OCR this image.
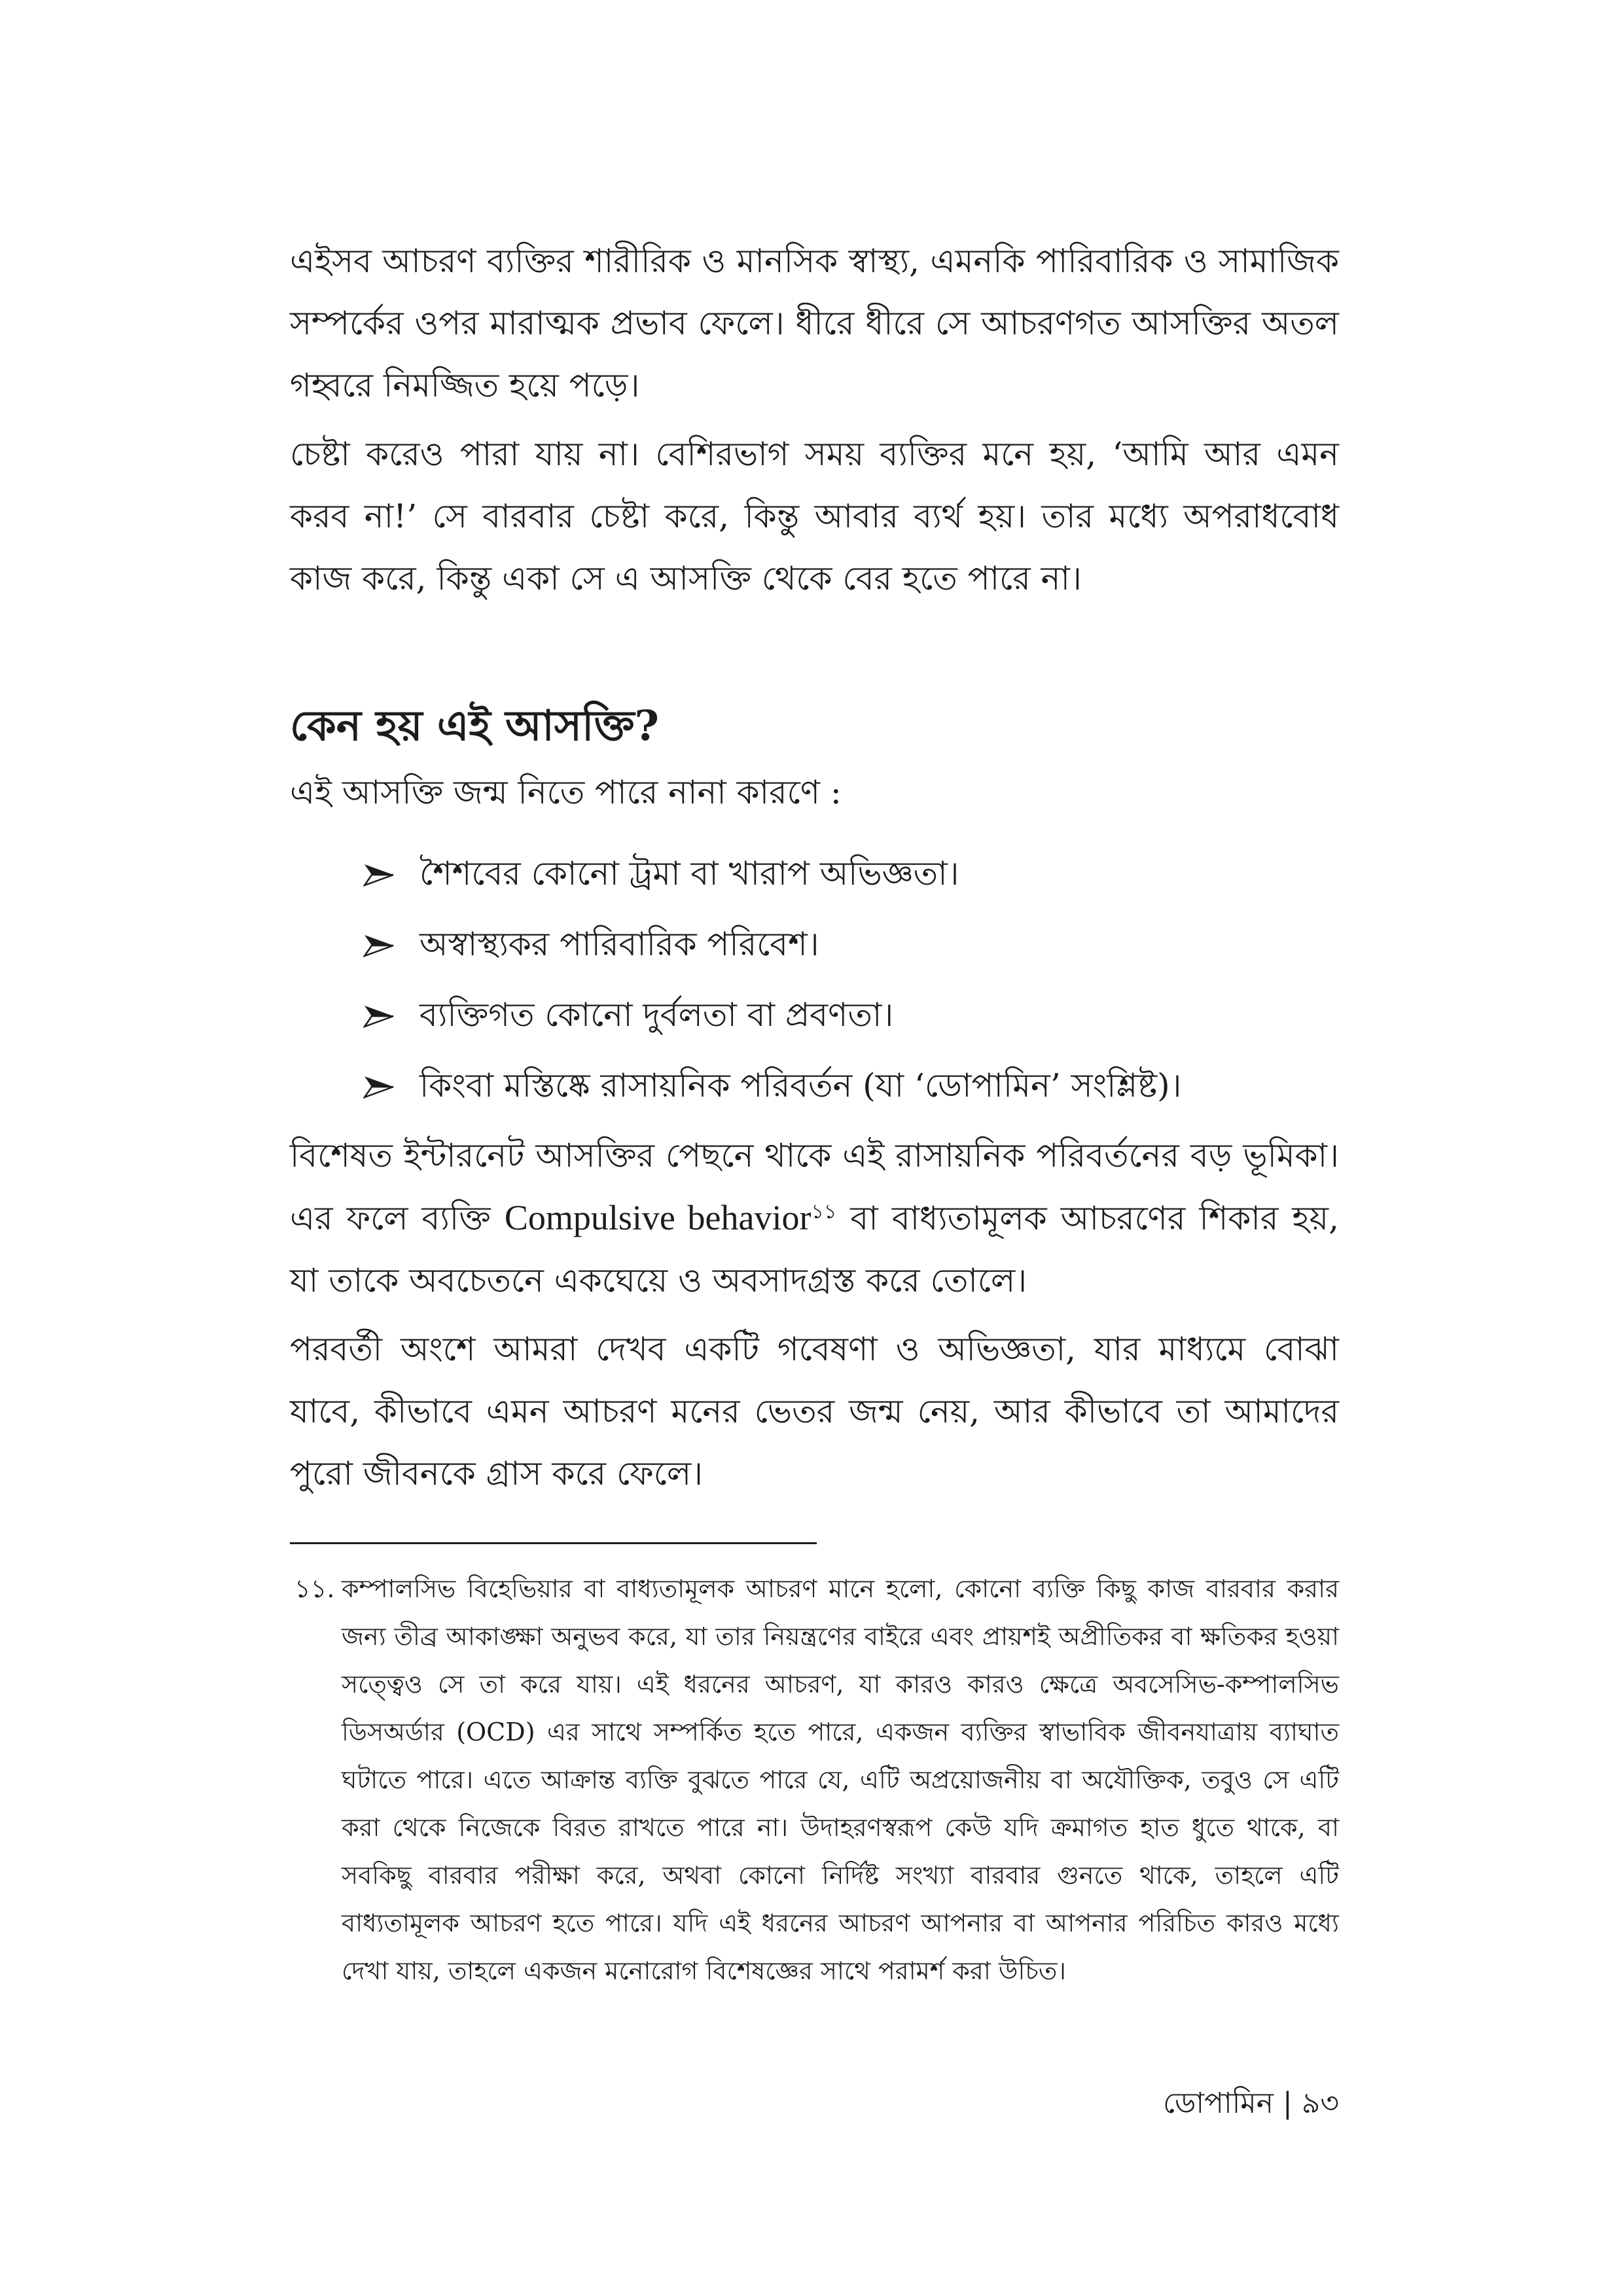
এইসব আচরণ ব্যক্তির শারীরিক ও মানসিক স্বাস্থ্য, এমনকি পারিবারিক ও সামাজিক সম্পর্কের ওপর মারাত্মক প্রভাব ফেলে। ধীরে ধীরে সে আচরণগত আসক্তির অতল গহ্বরে নিমজ্জিত হয়ে পড়ে।

চেষ্টা করেও পারা যায় না। বেশিরভাগ সময় ব্যক্তির মনে হয়, ‘আমি আর এমন করব না!’ সে বারবার চেষ্টা করে, কিন্তু আবার ব্যর্থ হয়। তার মধ্যে অপরাধবোধ কাজ করে, কিন্তু একা সে এ আসক্তি থেকে বের হতে পারে না।

কেন হয় এই আসক্তি?

এই আসক্তি জন্ম নিতে পারে নানা কারণে :

শৈশবের কোনো ট্রমা বা খারাপ অভিজ্ঞতা।
অস্বাস্থ্যকর পারিবারিক পরিবেশ।
ব্যক্তিগত কোনো দুর্বলতা বা প্রবণতা।
কিংবা মস্তিষ্কে রাসায়নিক পরিবর্তন (যা ‘ডোপামিন’ সংশ্লিষ্ট)।

বিশেষত ইন্টারনেট আসক্তির পেছনে থাকে এই রাসায়নিক পরিবর্তনের বড় ভূমিকা। এর ফলে ব্যক্তি Compulsive behavior$^{১১}$ বা বাধ্যতামূলক আচরণের শিকার হয়, যা তাকে অবচেতনে একঘেয়ে ও অবসাদগ্রস্ত করে তোলে।

পরবর্তী অংশে আমরা দেখব একটি গবেষণা ও অভিজ্ঞতা, যার মাধ্যমে বোঝা যাবে, কীভাবে এমন আচরণ মনের ভেতর জন্ম নেয়, আর কীভাবে তা আমাদের পুরো জীবনকে গ্রাস করে ফেলে।

১১. কম্পালসিভ বিহেভিয়ার বা বাধ্যতামূলক আচরণ মানে হলো, কোনো ব্যক্তি কিছু কাজ বারবার করার জন্য তীব্র আকাঙ্ক্ষা অনুভব করে, যা তার নিয়ন্ত্রণের বাইরে এবং প্রায়শই অপ্রীতিকর বা ক্ষতিকর হওয়া সত্ত্বেও সে তা করে যায়। এই ধরনের আচরণ, যা কারও কারও ক্ষেত্রে অবসেসিভ-কম্পালসিভ ডিসঅর্ডার (OCD) এর সাথে সম্পর্কিত হতে পারে, একজন ব্যক্তির স্বাভাবিক জীবনযাত্রায় ব্যাঘাত ঘটাতে পারে। এতে আক্রান্ত ব্যক্তি বুঝতে পারে যে, এটি অপ্রয়োজনীয় বা অযৌক্তিক, তবুও সে এটি করা থেকে নিজেকে বিরত রাখতে পারে না। উদাহরণস্বরূপ কেউ যদি ক্রমাগত হাত ধুতে থাকে, বা সবকিছু বারবার পরীক্ষা করে, অথবা কোনো নির্দিষ্ট সংখ্যা বারবার গুনতে থাকে, তাহলে এটি বাধ্যতামূলক আচরণ হতে পারে। যদি এই ধরনের আচরণ আপনার বা আপনার পরিচিত কারও মধ্যে দেখা যায়, তাহলে একজন মনোরোগ বিশেষজ্ঞের সাথে পরামর্শ করা উচিত।
ডোপামিন | ৯৩
